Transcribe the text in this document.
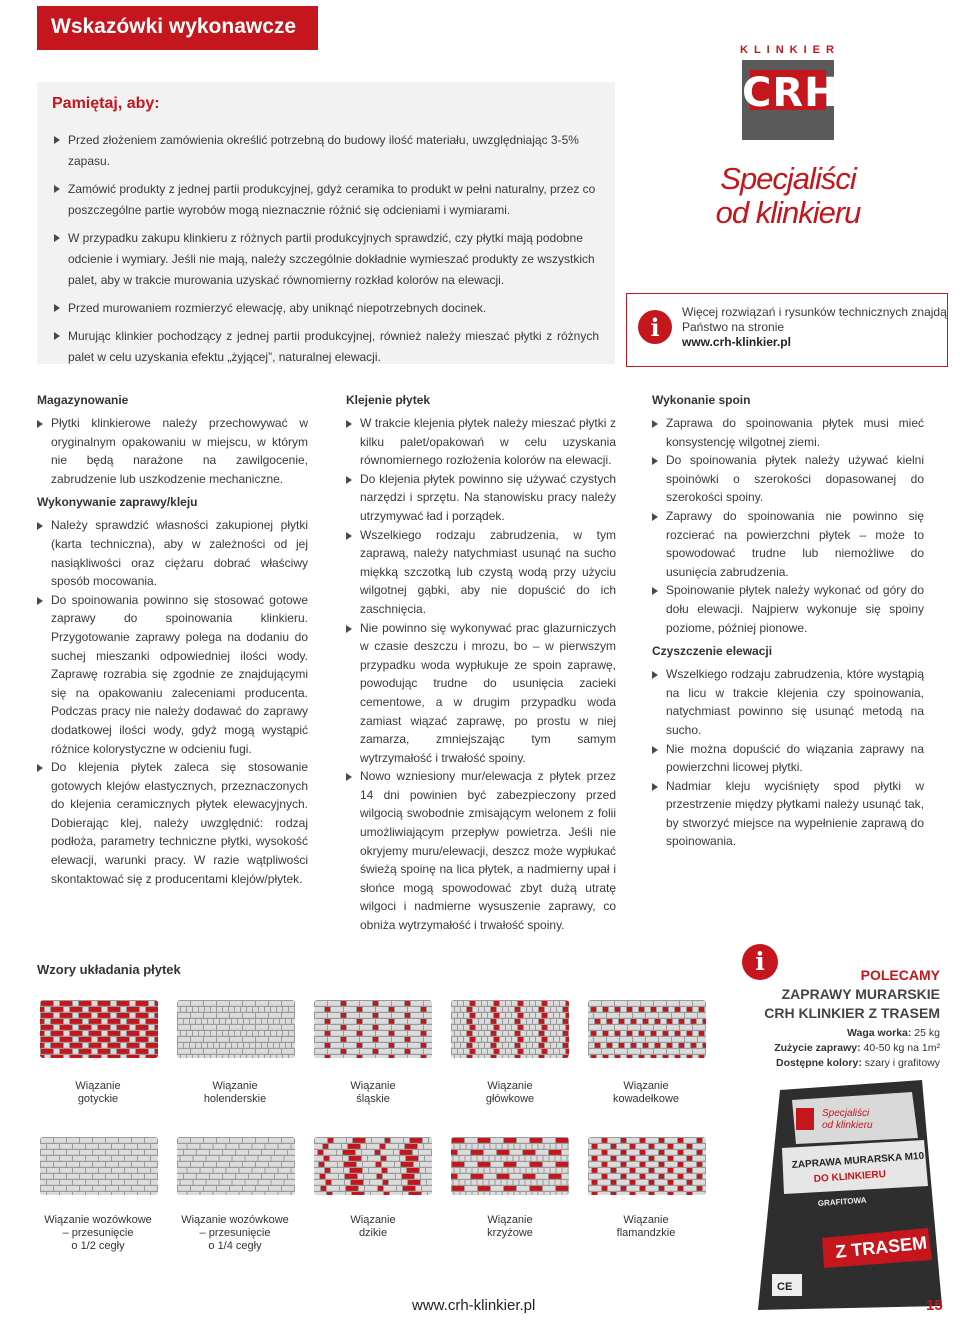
Wskazówki wykonawcze
Pamiętaj, aby:
Przed złożeniem zamówienia określić potrzebną do budowy ilość materiału, uwzględniając 3-5% zapasu.
Zamówić produkty z jednej partii produkcyjnej, gdyż ceramika to produkt w pełni naturalny, przez co poszczególne partie wyrobów mogą nieznacznie różnić się odcieniami i wymiarami.
W przypadku zakupu klinkieru z różnych partii produkcyjnych sprawdzić, czy płytki mają podobne odcienie i wymiary. Jeśli nie mają, należy szczególnie dokładnie wymieszać produkty ze wszystkich palet, aby w trakcie murowania uzyskać równomierny rozkład kolorów na elewacji.
Przed murowaniem rozmierzyć elewację, aby uniknąć niepotrzebnych docinek.
Murując klinkier pochodzący z jednej partii produkcyjnej, również należy mieszać płytki z różnych palet w celu uzyskania efektu „żyjącej”, naturalnej elewacji.
KLINKIER
CRH
Specjaliści
od klinkieru
i
Więcej rozwiązań i rysunków technicznych znajdą Państwo na stronie
www.crh-klinkier.pl
Magazynowanie
Płytki klinkierowe należy przechowywać w oryginalnym opakowaniu w miejscu, w którym nie będą narażone na zawilgocenie, zabrudzenie lub uszkodzenie mechaniczne.
Wykonywanie zaprawy/kleju
Należy sprawdzić własności zakupionej płytki (karta techniczna), aby w zależności od jej nasiąkliwości oraz ciężaru dobrać właściwy sposób mocowania.
Do spoinowania powinno się stosować gotowe zaprawy do spoinowania klinkieru. Przygotowanie zaprawy polega na dodaniu do suchej mieszanki odpowiedniej ilości wody. Zaprawę rozrabia się zgodnie ze znajdującymi się na opakowaniu zaleceniami producenta. Podczas pracy nie należy dodawać do zaprawy dodatkowej ilości wody, gdyż mogą wystąpić różnice kolorystyczne w odcieniu fugi.
Do klejenia płytek zaleca się stosowanie gotowych klejów elastycznych, przeznaczonych do klejenia ceramicznych płytek elewacyjnych. Dobierając klej, należy uwzględnić: rodzaj podłoża, parametry techniczne płytki, wysokość elewacji, warunki pracy. W razie wątpliwości skontaktować się z producentami klejów/płytek.
Klejenie płytek
W trakcie klejenia płytek należy mieszać płytki z kilku palet/opakowań w celu uzyskania równomiernego rozłożenia kolorów na elewacji.
Do klejenia płytek powinno się używać czystych narzędzi i sprzętu. Na stanowisku pracy należy utrzymywać ład i porządek.
Wszelkiego rodzaju zabrudzenia, w tym zaprawą, należy natychmiast usunąć na sucho miękką szczotką lub czystą wodą przy użyciu wilgotnej gąbki, aby nie dopuścić do ich zaschnięcia.
Nie powinno się wykonywać prac glazurniczych w czasie deszczu i mrozu, bo – w pierwszym przypadku woda wypłukuje ze spoin zaprawę, powodując trudne do usunięcia zacieki cementowe, a w drugim przypadku woda zamiast wiązać zaprawę, po prostu w niej zamarza, zmniejszając tym samym wytrzymałość i trwałość spoiny.
Nowo wzniesiony mur/elewacja z płytek przez 14 dni powinien być zabezpieczony przed wilgocią swobodnie zmisającym welonem z folii umożliwiającym przepływ powietrza. Jeśli nie okryjemy muru/elewacji, deszcz może wypłukać świeżą spoinę na lica płytek, a nadmierny upał i słońce mogą spowodować zbyt dużą utratę wilgoci i nadmierne wysuszenie zaprawy, co obniża wytrzymałość i trwałość spoiny.
Wykonanie spoin
Zaprawa do spoinowania płytek musi mieć konsystencję wilgotnej ziemi.
Do spoinowania płytek należy używać kielni spoinówki o szerokości dopasowanej do szerokości spoiny.
Zaprawy do spoinowania nie powinno się rozcierać na powierzchni płytek – może to spowodować trudne lub niemożliwe do usunięcia zabrudzenia.
Spoinowanie płytek należy wykonać od góry do dołu elewacji. Najpierw wykonuje się spoiny poziome, później pionowe.
Czyszczenie elewacji
Wszelkiego rodzaju zabrudzenia, które wystąpią na licu w trakcie klejenia czy spoinowania, natychmiast powinno się usunąć metodą na sucho.
Nie można dopuścić do wiązania zaprawy na powierzchni licowej płytki.
Nadmiar kleju wyciśnięty spod płytki w przestrzenie między płytkami należy usunąć tak, by stworzyć miejsce na wypełnienie zaprawą do spoinowania.
Wzory układania płytek
Wiązanie
gotyckie
Wiązanie
holenderskie
Wiązanie
śląskie
Wiązanie
główkowe
Wiązanie
kowadełkowe
Wiązanie wozówkowe
– przesunięcie
o 1/2 cegły
Wiązanie wozówkowe
– przesunięcie
o 1/4 cegły
Wiązanie
dzikie
Wiązanie
krzyżowe
Wiązanie
flamandzkie
i	POLECAMY
ZAPRAWY MURARSKIE
CRH KLINKIER Z TRASEM
Waga worka: 25 kg
Zużycie zaprawy: 40-50 kg na 1m²
Dostępne kolory: szary i grafitowy
Specjaliści
od klinkieru
ZAPRAWA MURARSKA M10
DO KLINKIERU
GRAFITOWA
Z TRASEM
CE
www.crh-klinkier.pl	15
